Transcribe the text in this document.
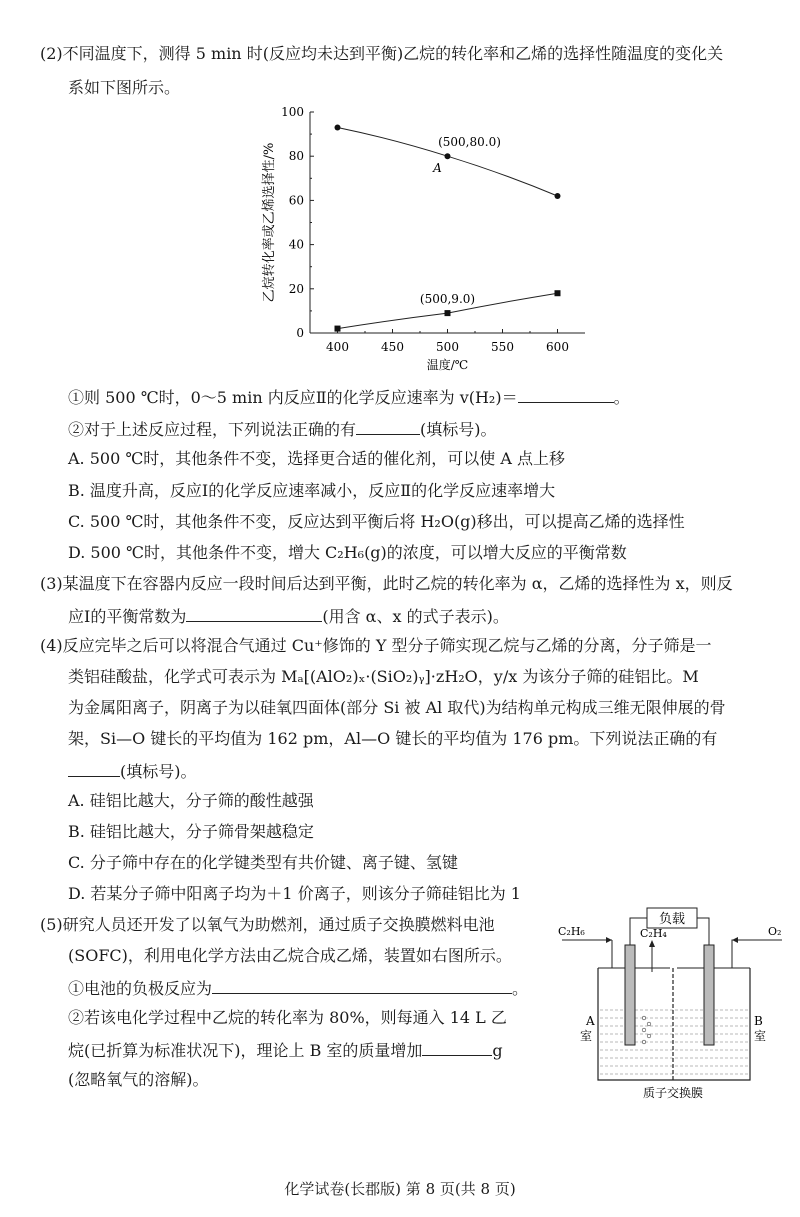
(2)不同温度下，测得 5 min 时(反应均未达到平衡)乙烷的转化率和乙烯的选择性随温度的变化关
系如下图所示。
400	450	500	550	600
0
20
40
60
80
100
(500,80.0)
A
(500,9.0)
温度/℃
乙烷转化率或乙烯选择性/%
①则 500 ℃时，0～5 min 内反应Ⅱ的化学反应速率为 v(H₂)＝	。
②对于上述反应过程，下列说法正确的有	(填标号)。
A. 500 ℃时，其他条件不变，选择更合适的催化剂，可以使 A 点上移
B. 温度升高，反应Ⅰ的化学反应速率减小，反应Ⅱ的化学反应速率增大
C. 500 ℃时，其他条件不变，反应达到平衡后将 H₂O(g)移出，可以提高乙烯的选择性
D. 500 ℃时，其他条件不变，增大 C₂H₆(g)的浓度，可以增大反应的平衡常数
(3)某温度下在容器内反应一段时间后达到平衡，此时乙烷的转化率为 α，乙烯的选择性为 x，则反
应Ⅰ的平衡常数为	(用含 α、x 的式子表示)。
(4)反应完毕之后可以将混合气通过 Cu⁺修饰的 Y 型分子筛实现乙烷与乙烯的分离，分子筛是一
类铝硅酸盐，化学式可表示为 Mₐ[(AlO₂)ₓ·(SiO₂)ᵧ]·zH₂O，y/x 为该分子筛的硅铝比。M
为金属阳离子，阴离子为以硅氧四面体(部分 Si 被 Al 取代)为结构单元构成三维无限伸展的骨
架，Si—O 键长的平均值为 162 pm，Al—O 键长的平均值为 176 pm。下列说法正确的有
(填标号)。
A. 硅铝比越大，分子筛的酸性越强
B. 硅铝比越大，分子筛骨架越稳定
C. 分子筛中存在的化学键类型有共价键、离子键、氢键
D. 若某分子筛中阳离子均为＋1 价离子，则该分子筛硅铝比为 1
(5)研究人员还开发了以氧气为助燃剂，通过质子交换膜燃料电池
(SOFC)，利用电化学方法由乙烷合成乙烯，装置如右图所示。
①电池的负极反应为	。
②若该电化学过程中乙烷的转化率为 80%，则每通入 14 L 乙
烷(已折算为标准状况下)，理论上 B 室的质量增加	g
(忽略氧气的溶解)。
负载
C₂H₆	C₂H₄	O₂
A
室
B
室
质子交换膜
化学试卷(长郡版) 第 8 页(共 8 页)
